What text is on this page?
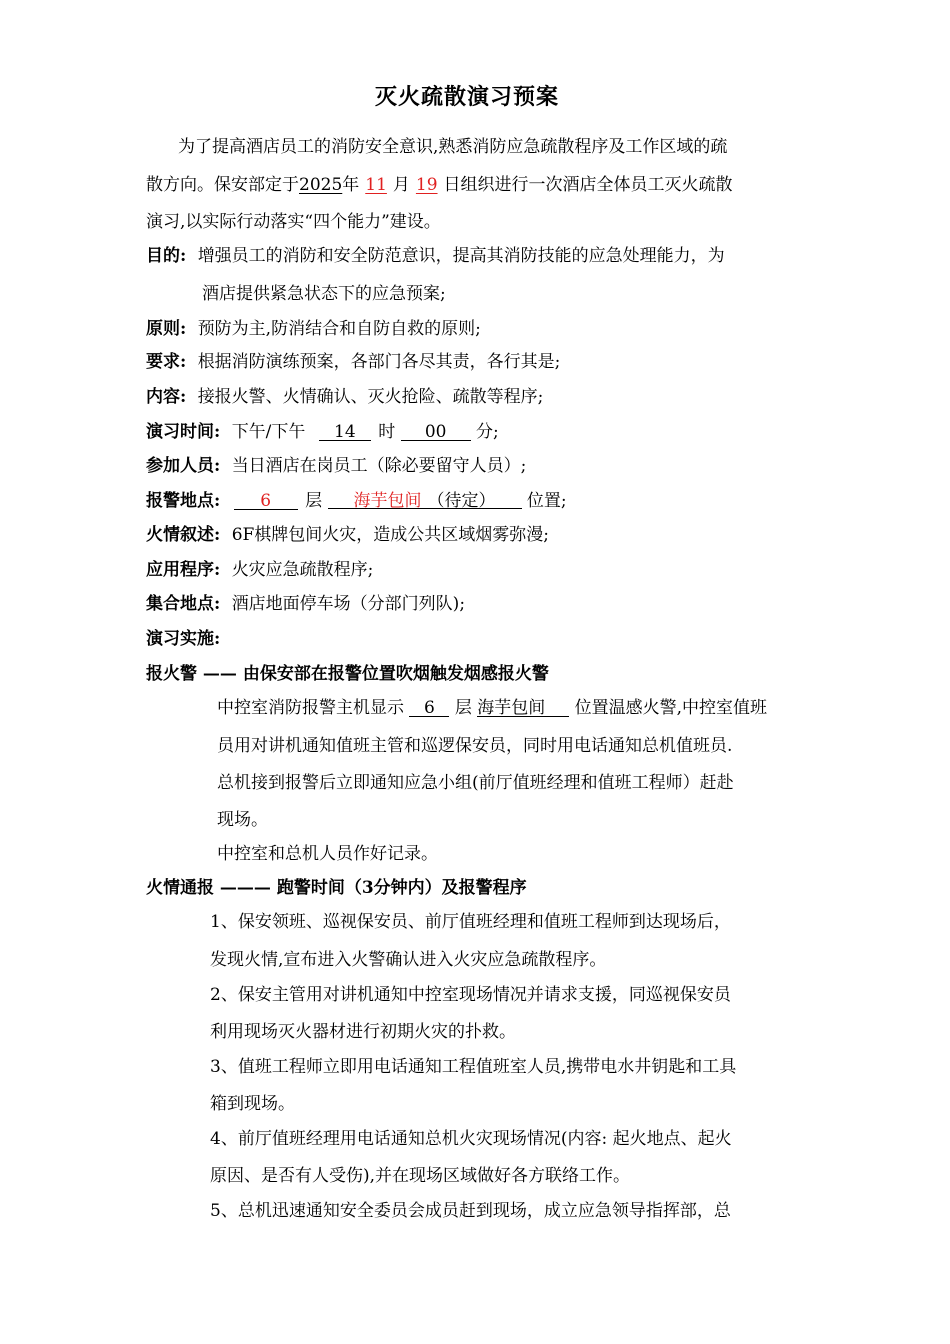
灭火疏散演习预案
为了提高酒店员工的消防安全意识,熟悉消防应急疏散程序及工作区域的疏
散方向。保安部定于2025年 11 月 19 日组织进行一次酒店全体员工灭火疏散
演习,以实际行动落实“四个能力”建设。
目的: 增强员工的消防和安全防范意识，提高其消防技能的应急处理能力，为
酒店提供紧急状态下的应急预案;
原则: 预防为主,防消结合和自防自救的原则;
要求: 根据消防演练预案，各部门各尽其责，各行其是;
内容: 接报火警、火情确认、灭火抢险、疏散等程序;
演习时间: 下午/下午 14 时 00 分;
参加人员: 当日酒店在岗员工（除必要留守人员）;
报警地点: 6 层 海芋包间 （待定） 位置;
火情叙述: 6F棋牌包间火灾，造成公共区域烟雾弥漫;
应用程序: 火灾应急疏散程序;
集合地点: 酒店地面停车场（分部门列队);
演习实施:
报火警 —— 由保安部在报警位置吹烟触发烟感报火警
中控室消防报警主机显示 6 层 海芋包间 位置温感火警,中控室值班
员用对讲机通知值班主管和巡逻保安员，同时用电话通知总机值班员.
总机接到报警后立即通知应急小组(前厅值班经理和值班工程师）赶赴
现场。
中控室和总机人员作好记录。
火情通报 ——— 跑警时间（3分钟内）及报警程序
1、保安领班、巡视保安员、前厅值班经理和值班工程师到达现场后，
发现火情,宣布进入火警确认进入火灾应急疏散程序。
2、保安主管用对讲机通知中控室现场情况并请求支援，同巡视保安员
利用现场灭火器材进行初期火灾的扑救。
3、值班工程师立即用电话通知工程值班室人员,携带电水井钥匙和工具
箱到现场。
4、前厅值班经理用电话通知总机火灾现场情况(内容: 起火地点、起火
原因、是否有人受伤),并在现场区域做好各方联络工作。
5、总机迅速通知安全委员会成员赶到现场，成立应急领导指挥部，总
